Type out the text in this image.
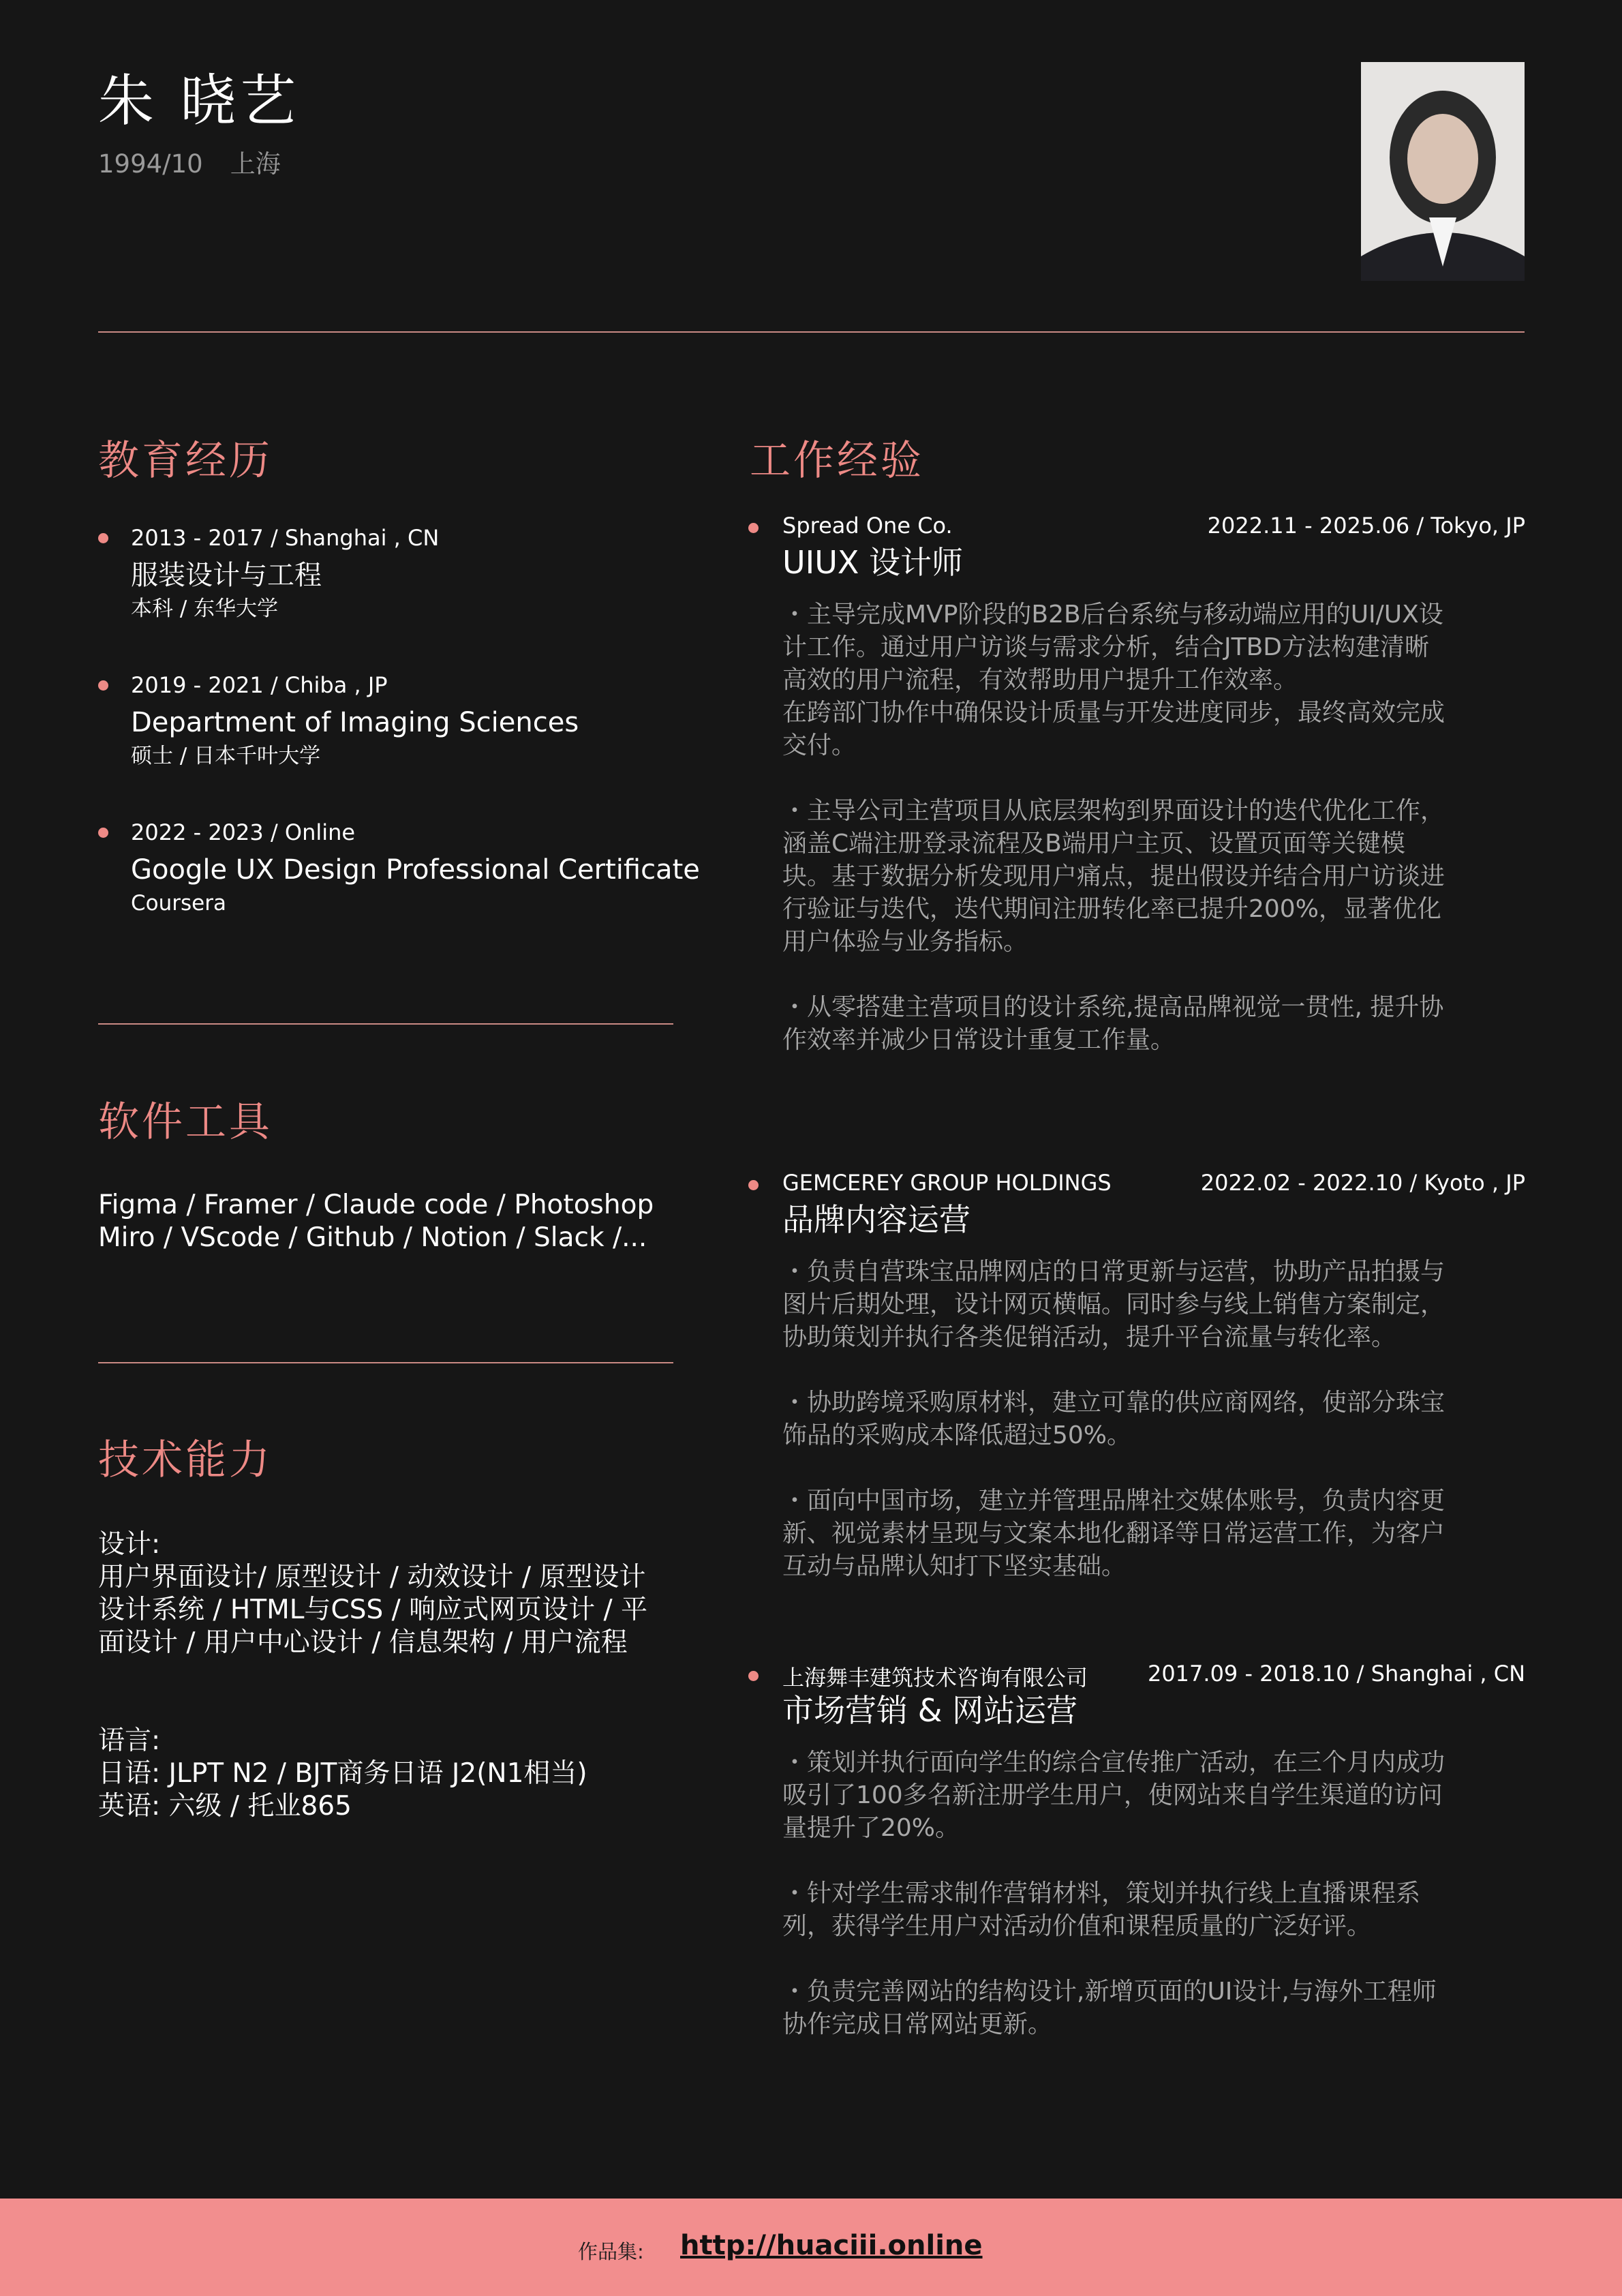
朱 晓艺
1994/10 上海
教育经历
2013 - 2017 / Shanghai , CN
服装设计与工程
本科 / 东华大学
2019 - 2021 / Chiba , JP
Department of Imaging Sciences
硕士 / 日本千叶大学
2022 - 2023 / Online
Google UX Design Professional Certificate
Coursera
软件工具
Figma / Framer / Claude code / Photoshop
Miro / VScode / Github / Notion / Slack /...
技术能力
设计:
用户界面设计/ 原型设计 / 动效设计 / 原型设计
设计系统 / HTML与CSS / 响应式网页设计 / 平
面设计 / 用户中心设计 / 信息架构 / 用户流程
语言:
日语: JLPT N2 / BJT商务日语 J2(N1相当)
英语: 六级 / 托业865
工作经验
Spread One Co.	2022.11 - 2025.06 / Tokyo, JP
UIUX 设计师
・主导完成MVP阶段的B2B后台系统与移动端应用的UI/UX设
计工作。通过用户访谈与需求分析，结合JTBD方法构建清晰
高效的用户流程，有效帮助用户提升工作效率。
在跨部门协作中确保设计质量与开发进度同步，最终高效完成
交付。
・主导公司主营项目从底层架构到界面设计的迭代优化工作，
涵盖C端注册登录流程及B端用户主页、设置页面等关键模
块。基于数据分析发现用户痛点，提出假设并结合用户访谈进
行验证与迭代，迭代期间注册转化率已提升200%，显著优化
用户体验与业务指标。
・从零搭建主营项目的设计系统,提高品牌视觉一贯性, 提升协
作效率并减少日常设计重复工作量。
GEMCEREY GROUP HOLDINGS	2022.02 - 2022.10 / Kyoto , JP
品牌内容运营
・负责自营珠宝品牌网店的日常更新与运营，协助产品拍摄与
图片后期处理，设计网页横幅。同时参与线上销售方案制定，
协助策划并执行各类促销活动，提升平台流量与转化率。
・协助跨境采购原材料，建立可靠的供应商网络，使部分珠宝
饰品的采购成本降低超过50%。
・面向中国市场，建立并管理品牌社交媒体账号，负责内容更
新、视觉素材呈现与文案本地化翻译等日常运营工作，为客户
互动与品牌认知打下坚实基础。
上海舞丰建筑技术咨询有限公司	2017.09 - 2018.10 / Shanghai , CN
市场营销 & 网站运营
・策划并执行面向学生的综合宣传推广活动，在三个月内成功
吸引了100多名新注册学生用户，使网站来自学生渠道的访问
量提升了20%。
・针对学生需求制作营销材料，策划并执行线上直播课程系
列，获得学生用户对活动价值和课程质量的广泛好评。
・负责完善网站的结构设计,新增页面的UI设计,与海外工程师
协作完成日常网站更新。
作品集: http://huaciii.online
